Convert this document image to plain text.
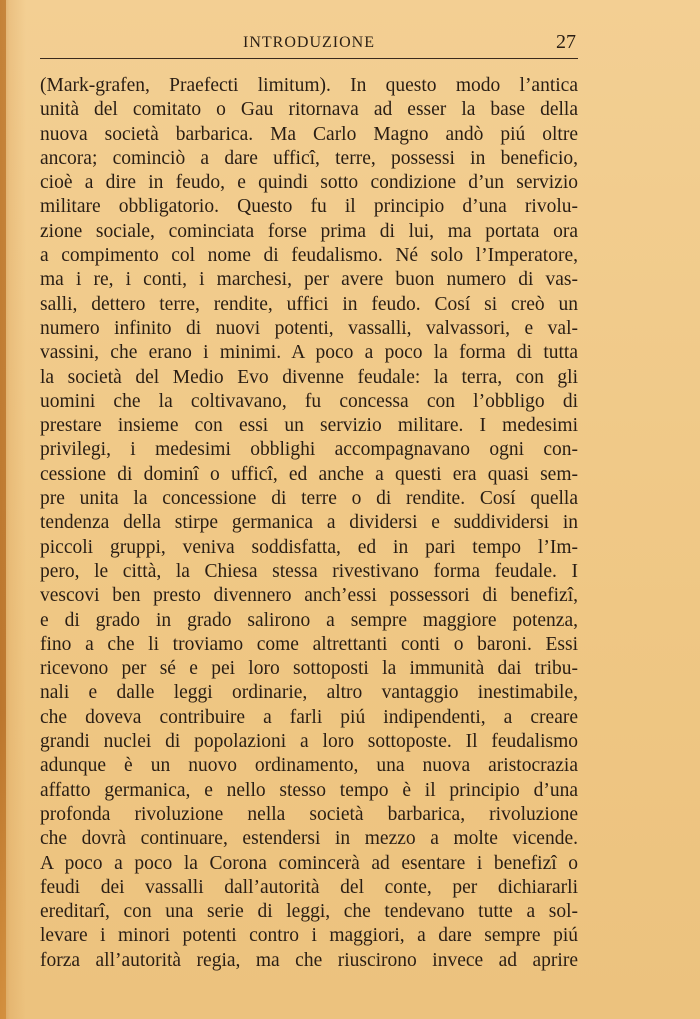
INTRODUZIONE	27
(Mark-grafen, Praefecti limitum). In questo modo l’antica
unità del comitato o Gau ritornava ad esser la base della
nuova società barbarica. Ma Carlo Magno andò piú oltre
ancora; cominciò a dare ufficî, terre, possessi in beneficio,
cioè a dire in feudo, e quindi sotto condizione d’un servizio
militare obbligatorio. Questo fu il principio d’una rivolu-
zione sociale, cominciata forse prima di lui, ma portata ora
a compimento col nome di feudalismo. Né solo l’Imperatore,
ma i re, i conti, i marchesi, per avere buon numero di vas-
salli, dettero terre, rendite, uffici in feudo. Cosí si creò un
numero infinito di nuovi potenti, vassalli, valvassori, e val-
vassini, che erano i minimi. A poco a poco la forma di tutta
la società del Medio Evo divenne feudale: la terra, con gli
uomini che la coltivavano, fu concessa con l’obbligo di
prestare insieme con essi un servizio militare. I medesimi
privilegi, i medesimi obblighi accompagnavano ogni con-
cessione di dominî o ufficî, ed anche a questi era quasi sem-
pre unita la concessione di terre o di rendite. Cosí quella
tendenza della stirpe germanica a dividersi e suddividersi in
piccoli gruppi, veniva soddisfatta, ed in pari tempo l’Im-
pero, le città, la Chiesa stessa rivestivano forma feudale. I
vescovi ben presto divennero anch’essi possessori di benefizî,
e di grado in grado salirono a sempre maggiore potenza,
fino a che li troviamo come altrettanti conti o baroni. Essi
ricevono per sé e pei loro sottoposti la immunità dai tribu-
nali e dalle leggi ordinarie, altro vantaggio inestimabile,
che doveva contribuire a farli piú indipendenti, a creare
grandi nuclei di popolazioni a loro sottoposte. Il feudalismo
adunque è un nuovo ordinamento, una nuova aristocrazia
affatto germanica, e nello stesso tempo è il principio d’una
profonda rivoluzione nella società barbarica, rivoluzione
che dovrà continuare, estendersi in mezzo a molte vicende.
A poco a poco la Corona comincerà ad esentare i benefizî o
feudi dei vassalli dall’autorità del conte, per dichiararli
ereditarî, con una serie di leggi, che tendevano tutte a sol-
levare i minori potenti contro i maggiori, a dare sempre piú
forza all’autorità regia, ma che riuscirono invece ad aprire
